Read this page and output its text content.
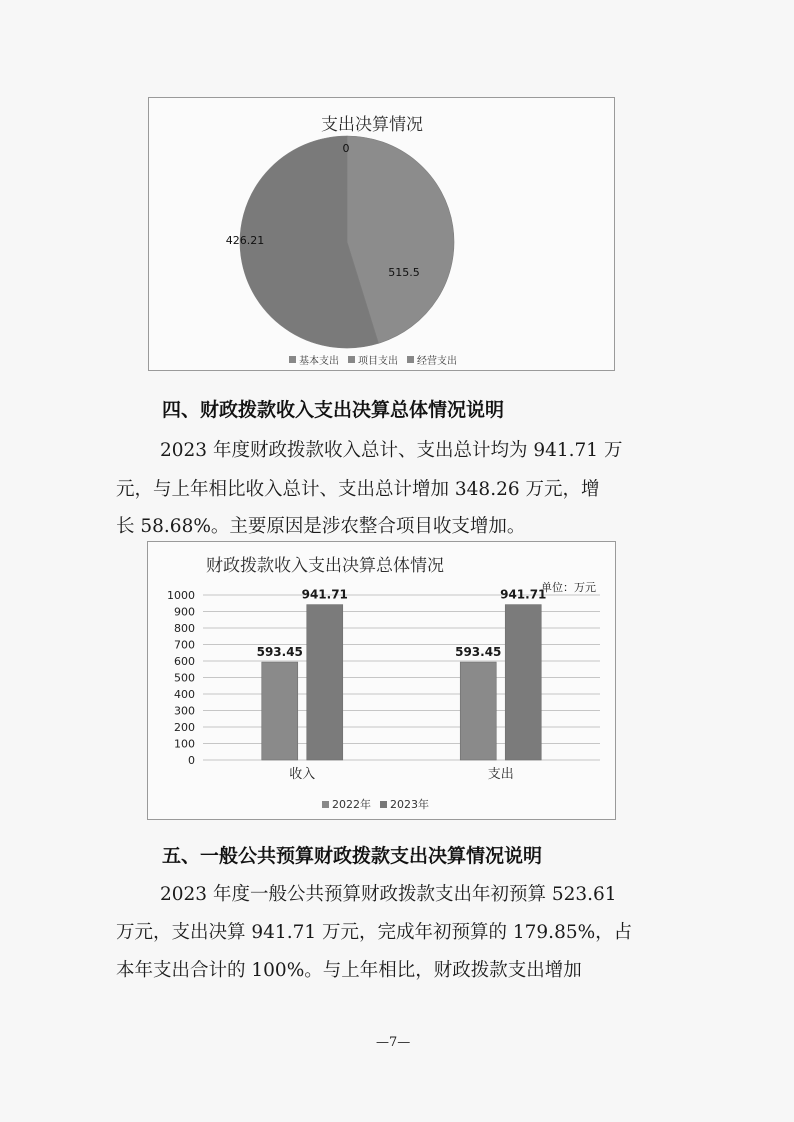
支出决算情况
426.21
515.5
0
基本支出 项目支出 经营支出
四、财政拨款收入支出决算总体情况说明
2023 年度财政拨款收入总计、支出总计均为 941.71 万
元，与上年相比收入总计、支出总计增加 348.26 万元，增
长 58.68%。主要原因是涉农整合项目收支增加。
财政拨款收入支出决算总体情况
单位：万元
0
100
200
300
400
500
600
700
800
900
1000
593.45
941.71
收入
593.45
941.71
支出
2022年 2023年
五、一般公共预算财政拨款支出决算情况说明
2023 年度一般公共预算财政拨款支出年初预算 523.61
万元，支出决算 941.71 万元，完成年初预算的 179.85%，占
本年支出合计的 100%。与上年相比，财政拨款支出增加
—7—
